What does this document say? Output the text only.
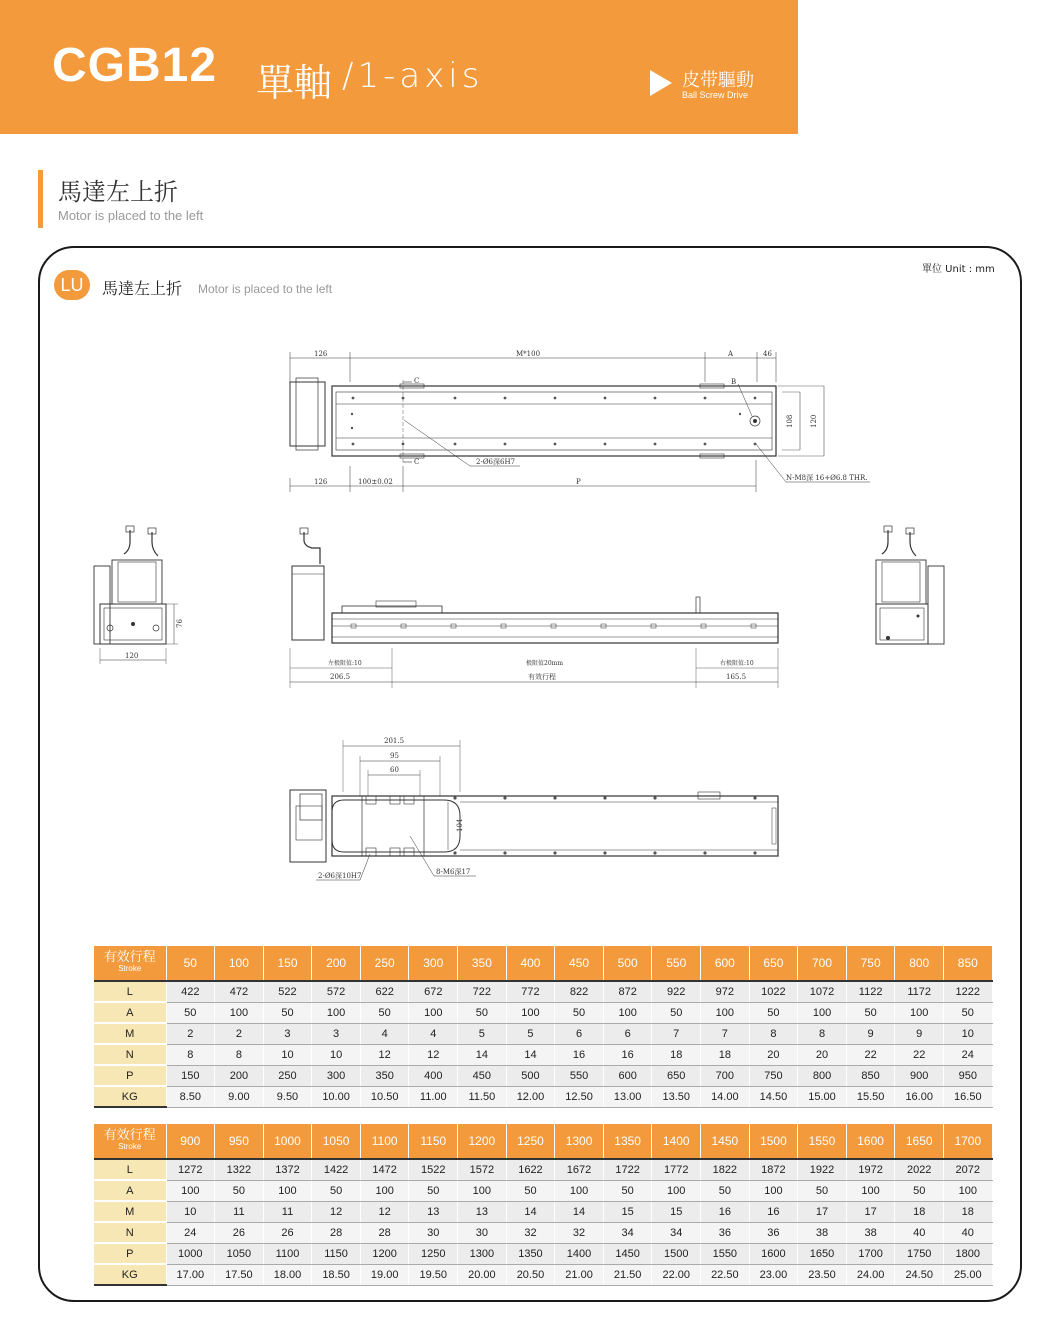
CGB12 單軸 /1-axis	皮带驅動
Ball Screw Drive
馬達左上折
Motor is placed to the left
單位 Unit : mm
LU	馬達左上折 Motor is placed to the left
126	M*100	A	46
C
C
B
108 120
2-Ø6深6H7
N-M8深 16+Ø6.8 THR.
126	100±0.02	P
76
120
左极限值:10	极限值20mm	右极限值:10
206.5	有效行程	165.5
201.5
95
60
104
2-Ø6深10H7	8-M6深17
有效行程
Stroke	50	100	150	200	250	300	350	400	450	500	550	600	650	700	750	800	850
L	422	472	522	572	622	672	722	772	822	872	922	972	1022	1072	1122	1172	1222
A	50	100	50	100	50	100	50	100	50	100	50	100	50	100	50	100	50
M	2	2	3	3	4	4	5	5	6	6	7	7	8	8	9	9	10
N	8	8	10	10	12	12	14	14	16	16	18	18	20	20	22	22	24
P	150	200	250	300	350	400	450	500	550	600	650	700	750	800	850	900	950
KG	8.50	9.00	9.50	10.00	10.50	11.00	11.50	12.00	12.50	13.00	13.50	14.00	14.50	15.00	15.50	16.00	16.50
有效行程
Stroke	900	950	1000	1050	1100	1150	1200	1250	1300	1350	1400	1450	1500	1550	1600	1650	1700
L	1272	1322	1372	1422	1472	1522	1572	1622	1672	1722	1772	1822	1872	1922	1972	2022	2072
A	100	50	100	50	100	50	100	50	100	50	100	50	100	50	100	50	100
M	10	11	11	12	12	13	13	14	14	15	15	16	16	17	17	18	18
N	24	26	26	28	28	30	30	32	32	34	34	36	36	38	38	40	40
P	1000	1050	1100	1150	1200	1250	1300	1350	1400	1450	1500	1550	1600	1650	1700	1750	1800
KG	17.00	17.50	18.00	18.50	19.00	19.50	20.00	20.50	21.00	21.50	22.00	22.50	23.00	23.50	24.00	24.50	25.00
